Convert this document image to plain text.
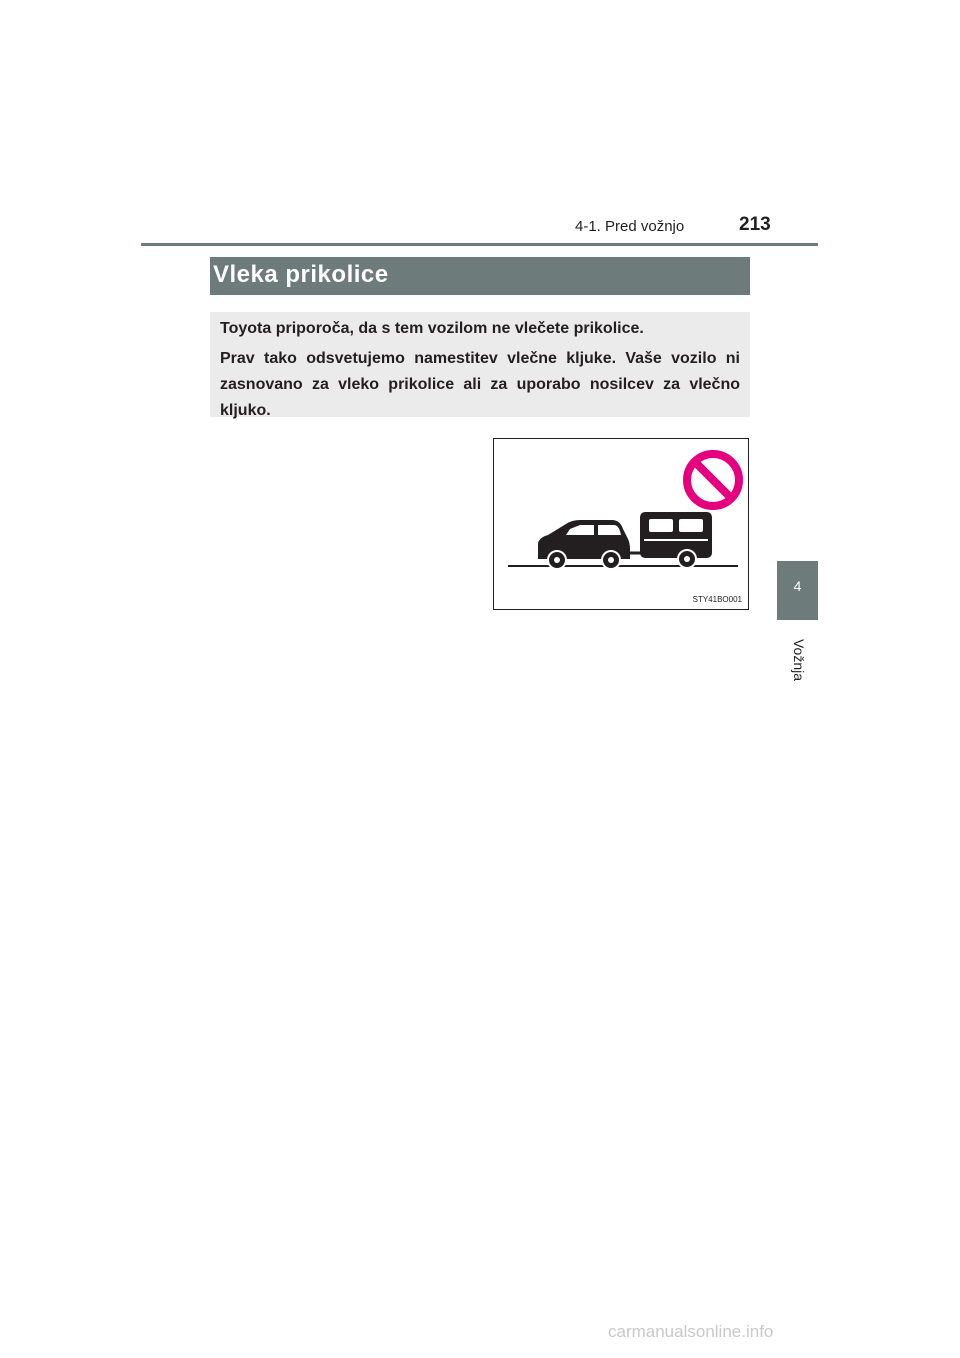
4-1. Pred vožnjo	213
Vleka prikolice

Toyota priporoča, da s tem vozilom ne vlečete prikolice.

Prav tako odsvetujemo namestitev vlečne kljuke. Vaše vozilo ni zasnovano za vleko prikolice ali za uporabo nosilcev za vlečno kljuko.

STY41BO001
4
Vožnja
carmanualsonline.info
